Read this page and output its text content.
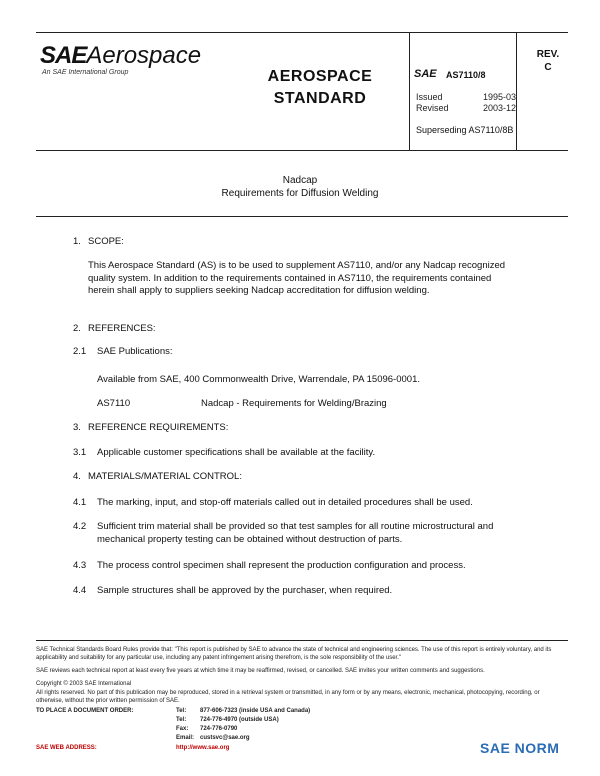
SAEAerospace
An SAE International Group	AEROSPACE
STANDARD
SAE AS7110/8
REV.
C
Issued	1995-03
Revised	2003-12
Superseding AS7110/8B
Nadcap
Requirements for Diffusion Welding
1. SCOPE:
This Aerospace Standard (AS) is to be used to supplement AS7110, and/or any Nadcap recognized quality system. In addition to the requirements contained in AS7110, the requirements contained herein shall apply to suppliers seeking Nadcap accreditation for diffusion welding.
2. REFERENCES:
2.1 SAE Publications:
Available from SAE, 400 Commonwealth Drive, Warrendale, PA 15096-0001.
AS7110	Nadcap - Requirements for Welding/Brazing
3. REFERENCE REQUIREMENTS:
3.1 Applicable customer specifications shall be available at the facility.
4. MATERIALS/MATERIAL CONTROL:
4.1 The marking, input, and stop-off materials called out in detailed procedures shall be used.
4.2 Sufficient trim material shall be provided so that test samples for all routine microstructural and mechanical property testing can be obtained without destruction of parts.
4.3 The process control specimen shall represent the production configuration and process.
4.4 Sample structures shall be approved by the purchaser, when required.
SAE Technical Standards Board Rules provide that: "This report is published by SAE to advance the state of technical and engineering sciences. The use of this report is entirely voluntary, and its applicability and suitability for any particular use, including any patent infringement arising therefrom, is the sole responsibility of the user."
SAE reviews each technical report at least every five years at which time it may be reaffirmed, revised, or cancelled. SAE invites your written comments and suggestions.
Copyright © 2003 SAE International
All rights reserved. No part of this publication may be reproduced, stored in a retrieval system or transmitted, in any form or by any means, electronic, mechanical, photocopying, recording, or otherwise, without the prior written permission of SAE.
TO PLACE A DOCUMENT ORDER:	Tel: 877-606-7323 (inside USA and Canada)
Tel: 724-776-4970 (outside USA)
Fax: 724-776-0790
Email: custsvc@sae.org
SAE WEB ADDRESS:	http://www.sae.org	SAE NORM
